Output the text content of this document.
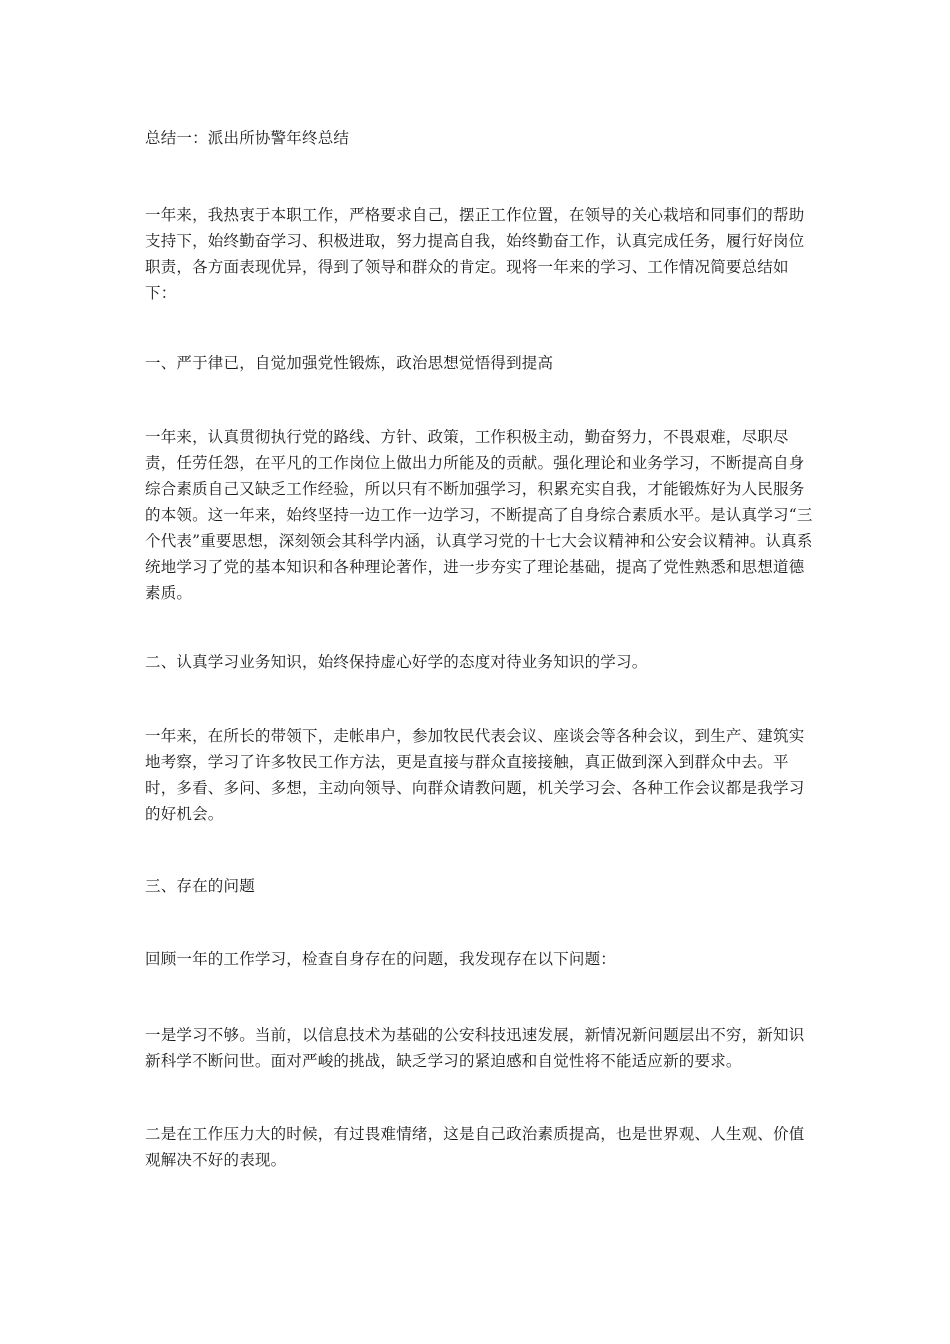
总结一：派出所协警年终总结

一年来，我热衷于本职工作，严格要求自己，摆正工作位置，在领导的关心栽培和同事们的帮助支持下，始终勤奋学习、积极进取，努力提高自我，始终勤奋工作，认真完成任务，履行好岗位职责，各方面表现优异，得到了领导和群众的肯定。现将一年来的学习、工作情况简要总结如下：

一、严于律已，自觉加强党性锻炼，政治思想觉悟得到提高

一年来，认真贯彻执行党的路线、方针、政策，工作积极主动，勤奋努力，不畏艰难，尽职尽责，任劳任怨，在平凡的工作岗位上做出力所能及的贡献。强化理论和业务学习，不断提高自身综合素质自己又缺乏工作经验，所以只有不断加强学习，积累充实自我，才能锻炼好为人民服务的本领。这一年来，始终坚持一边工作一边学习，不断提高了自身综合素质水平。是认真学习“三个代表”重要思想，深刻领会其科学内涵，认真学习党的十七大会议精神和公安会议精神。认真系统地学习了党的基本知识和各种理论著作，进一步夯实了理论基础，提高了党性熟悉和思想道德素质。

二、认真学习业务知识，始终保持虚心好学的态度对待业务知识的学习。

一年来，在所长的带领下，走帐串户，参加牧民代表会议、座谈会等各种会议，到生产、建筑实地考察，学习了许多牧民工作方法，更是直接与群众直接接触，真正做到深入到群众中去。平时，多看、多问、多想，主动向领导、向群众请教问题，机关学习会、各种工作会议都是我学习的好机会。

三、存在的问题

回顾一年的工作学习，检查自身存在的问题，我发现存在以下问题：

一是学习不够。当前，以信息技术为基础的公安科技迅速发展，新情况新问题层出不穷，新知识新科学不断问世。面对严峻的挑战，缺乏学习的紧迫感和自觉性将不能适应新的要求。

二是在工作压力大的时候，有过畏难情绪，这是自己政治素质提高，也是世界观、人生观、价值观解决不好的表现。
